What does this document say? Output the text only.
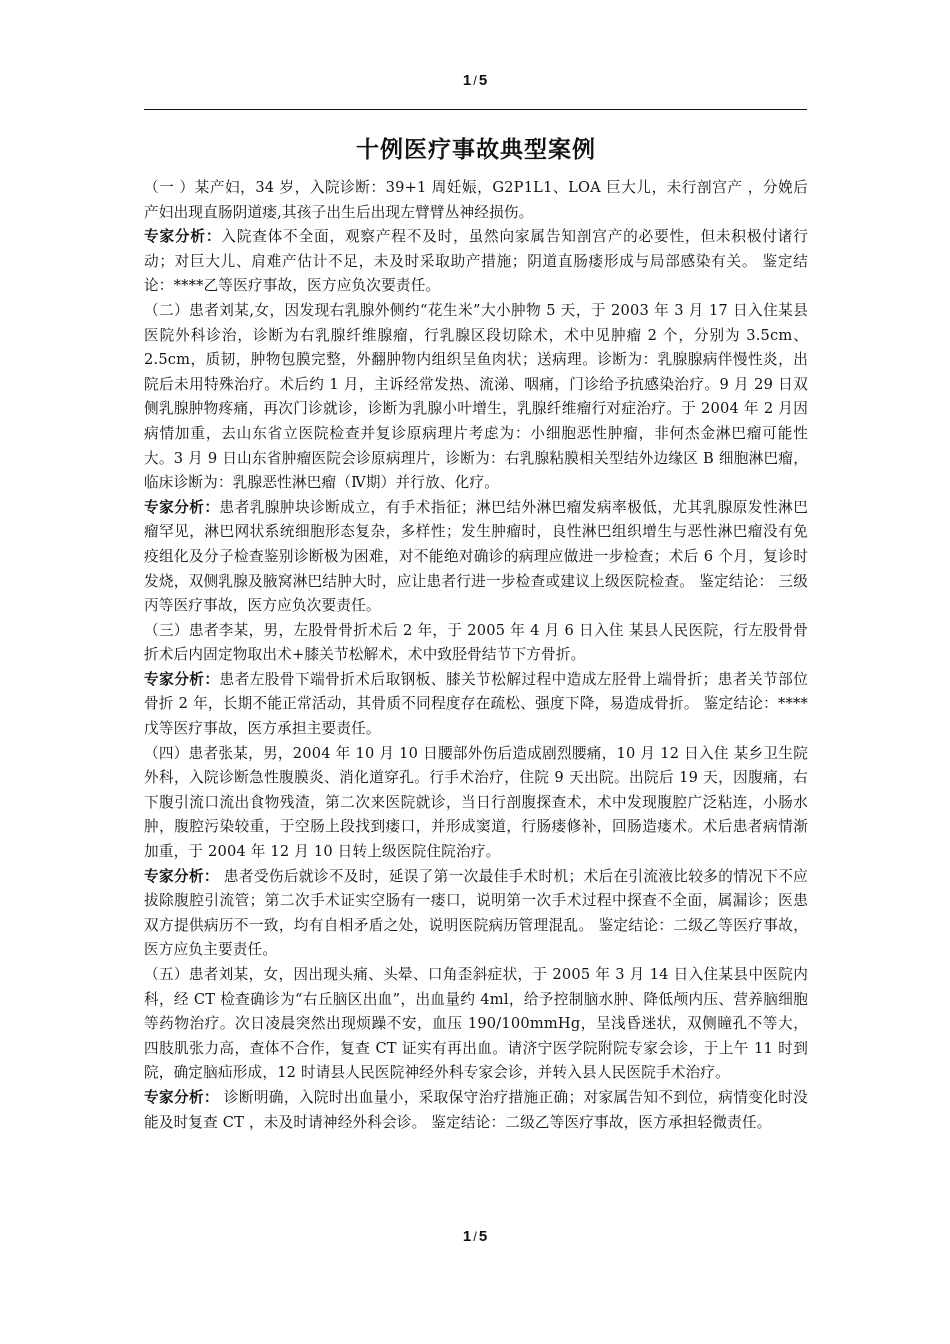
1 / 5
十例医疗事故典型案例

（一 ）某产妇，34 岁，入院诊断：39+1 周妊娠，G2P1L1、LOA 巨大儿，未行剖宫产 ，分娩后产妇出现直肠阴道瘘,其孩子出生后出现左臂臂丛神经损伤。

专家分析：入院查体不全面，观察产程不及时，虽然向家属告知剖宫产的必要性，但未积极付诸行动；对巨大儿、肩难产估计不足，未及时采取助产措施；阴道直肠瘘形成与局部感染有关。 鉴定结论：****乙等医疗事故，医方应负次要责任。

（二）患者刘某,女，因发现右乳腺外侧约“花生米”大小肿物 5 天，于 2003 年 3 月 17 日入住某县医院外科诊治，诊断为右乳腺纤维腺瘤，行乳腺区段切除术，术中见肿瘤 2 个，分别为 3.5cm、2.5cm，质韧，肿物包膜完整，外翻肿物内组织呈鱼肉状；送病理。诊断为：乳腺腺病伴慢性炎，出院后未用特殊治疗。术后约 1 月，主诉经常发热、流涕、咽痛，门诊给予抗感染治疗。9 月 29 日双侧乳腺肿物疼痛，再次门诊就诊，诊断为乳腺小叶增生，乳腺纤维瘤行对症治疗。于 2004 年 2 月因病情加重，去山东省立医院检查并复诊原病理片考虑为：小细胞恶性肿瘤，非何杰金淋巴瘤可能性大。3 月 9 日山东省肿瘤医院会诊原病理片，诊断为：右乳腺粘膜相关型结外边缘区 B 细胞淋巴瘤，临床诊断为：乳腺恶性淋巴瘤（Ⅳ期）并行放、化疗。

专家分析：患者乳腺肿块诊断成立，有手术指征；淋巴结外淋巴瘤发病率极低，尤其乳腺原发性淋巴瘤罕见，淋巴网状系统细胞形态复杂，多样性；发生肿瘤时，良性淋巴组织增生与恶性淋巴瘤没有免疫组化及分子检查鉴别诊断极为困难，对不能绝对确诊的病理应做进一步检查；术后 6 个月，复诊时发烧，双侧乳腺及腋窝淋巴结肿大时，应让患者行进一步检查或建议上级医院检查。 鉴定结论： 三级丙等医疗事故，医方应负次要责任。

（三）患者李某，男，左股骨骨折术后 2 年，于 2005 年 4 月 6 日入住 某县人民医院，行左股骨骨折术后内固定物取出术+膝关节松解术，术中致胫骨结节下方骨折。

专家分析：患者左股骨下端骨折术后取钢板、膝关节松解过程中造成左胫骨上端骨折；患者关节部位骨折 2 年，长期不能正常活动，其骨质不同程度存在疏松、强度下降，易造成骨折。 鉴定结论：****戊等医疗事故，医方承担主要责任。

（四）患者张某，男，2004 年 10 月 10 日腰部外伤后造成剧烈腰痛，10 月 12 日入住 某乡卫生院外科，入院诊断急性腹膜炎、消化道穿孔。行手术治疗，住院 9 天出院。出院后 19 天，因腹痛，右下腹引流口流出食物残渣，第二次来医院就诊，当日行剖腹探查术，术中发现腹腔广泛粘连，小肠水肿，腹腔污染较重，于空肠上段找到瘘口，并形成窦道，行肠瘘修补，回肠造瘘术。术后患者病情渐加重，于 2004 年 12 月 10 日转上级医院住院治疗。

专家分析： 患者受伤后就诊不及时，延误了第一次最佳手术时机；术后在引流液比较多的情况下不应拔除腹腔引流管；第二次手术证实空肠有一瘘口，说明第一次手术过程中探查不全面，属漏诊；医患双方提供病历不一致，均有自相矛盾之处，说明医院病历管理混乱。 鉴定结论：二级乙等医疗事故，医方应负主要责任。

（五）患者刘某，女，因出现头痛、头晕、口角歪斜症状，于 2005 年 3 月 14 日入住某县中医院内科，经 CT 检查确诊为“右丘脑区出血”，出血量约 4ml，给予控制脑水肿、降低颅内压、营养脑细胞等药物治疗。次日凌晨突然出现烦躁不安，血压 190/100mmHg，呈浅昏迷状，双侧瞳孔不等大，四肢肌张力高，查体不合作，复查 CT 证实有再出血。请济宁医学院附院专家会诊，于上午 11 时到院，确定脑疝形成，12 时请县人民医院神经外科专家会诊，并转入县人民医院手术治疗。

专家分析： 诊断明确，入院时出血量小，采取保守治疗措施正确；对家属告知不到位，病情变化时没能及时复查 CT ，未及时请神经外科会诊。 鉴定结论：二级乙等医疗事故，医方承担轻微责任。

1 / 5
